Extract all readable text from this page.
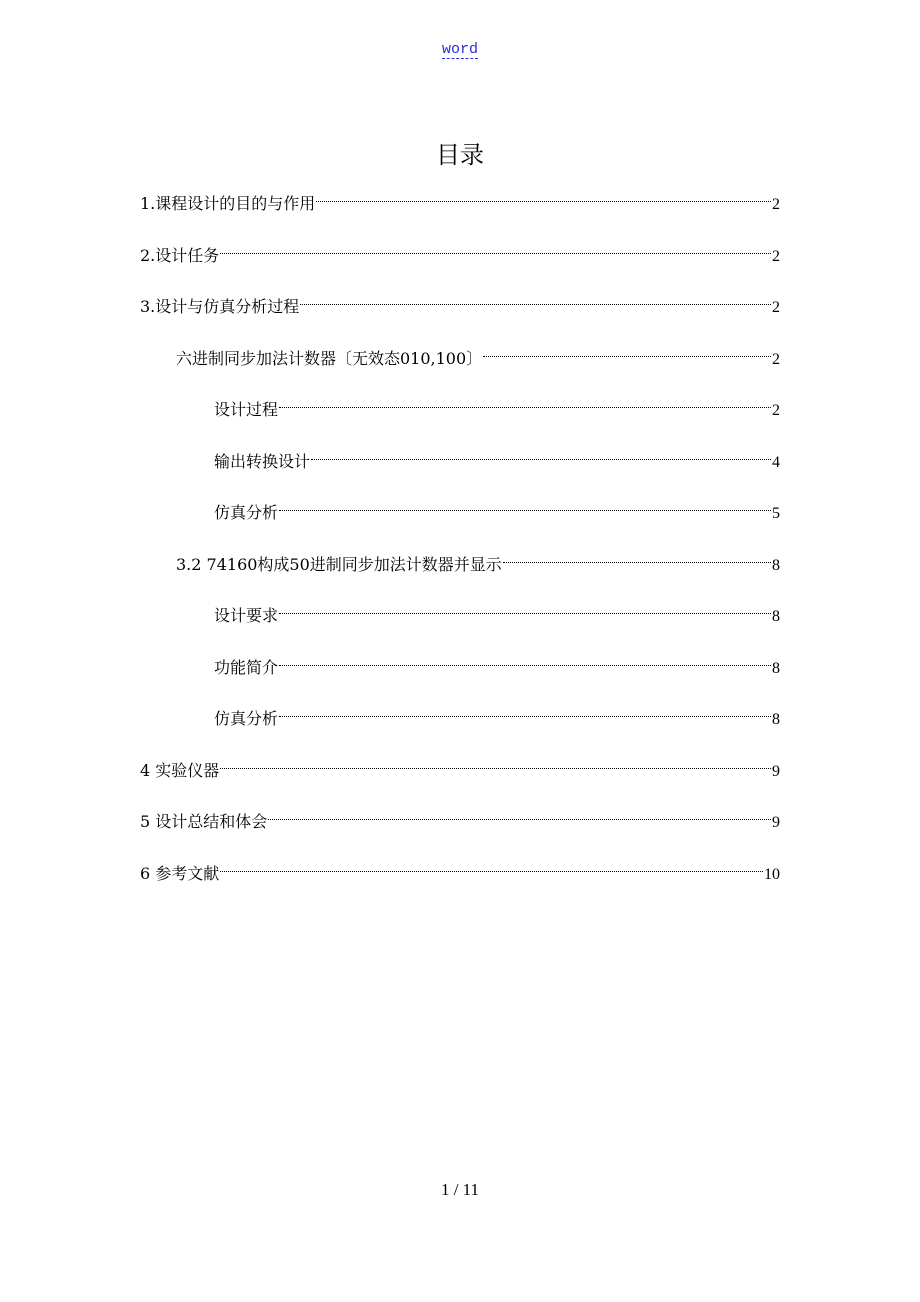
word
目录
1.课程设计的目的与作用	2
2.设计任务	2
3.设计与仿真分析过程	2
六进制同步加法计数器〔无效态010,100〕	2
设计过程	2
输出转换设计	4
仿真分析	5
3.2 74160构成50进制同步加法计数器并显示	8
设计要求	8
功能简介	8
仿真分析	8
4 实验仪器	9
5 设计总结和体会	9
6 参考文献	10
1 / 11
